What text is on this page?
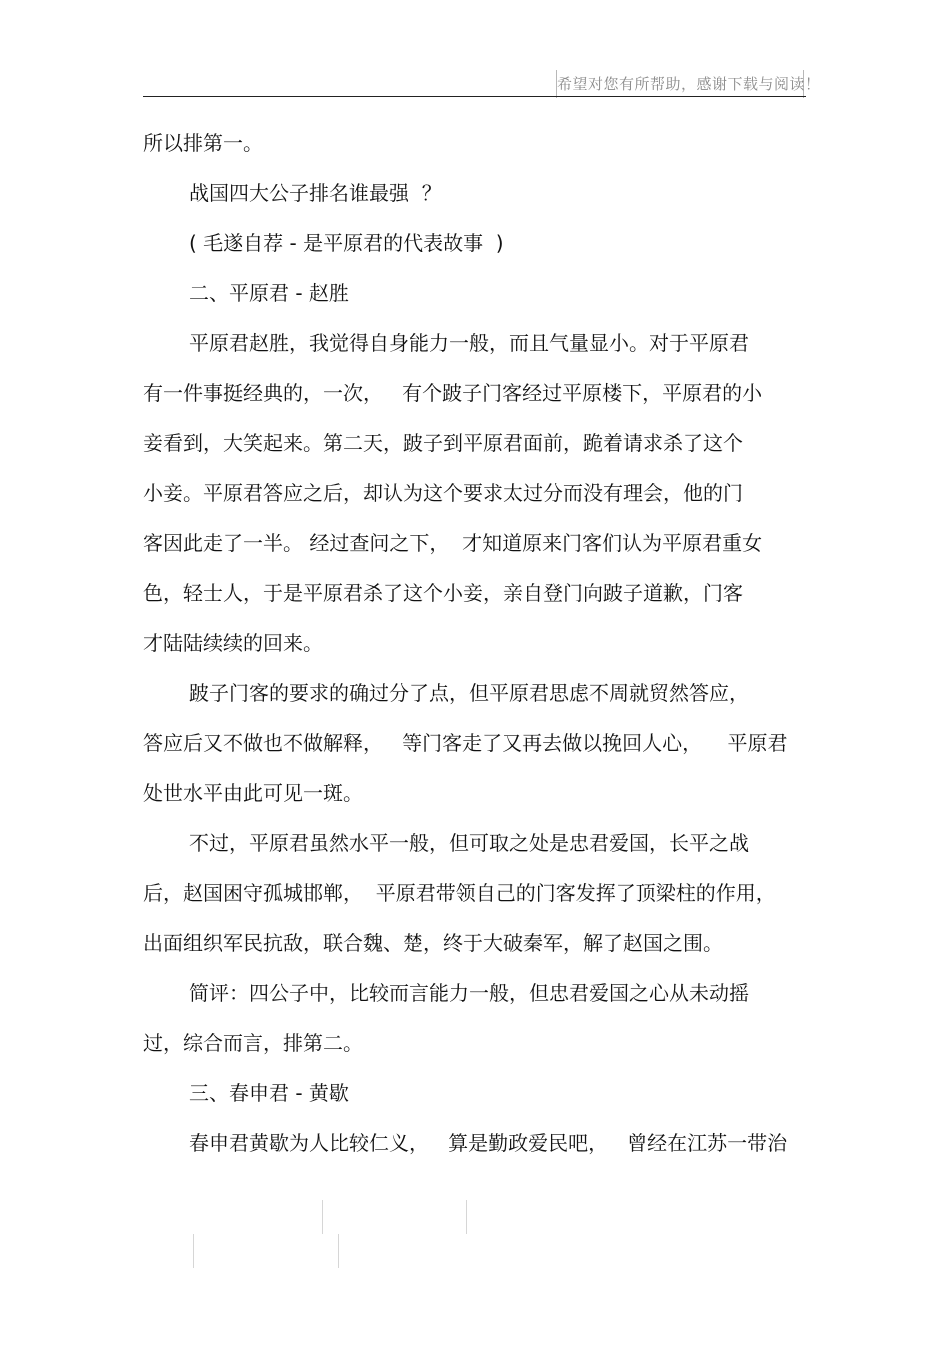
希望对您有所帮助，感谢下载与阅读！
所以排第一。
战国四大公子排名谁最强  ？
( 毛遂自荐 - 是平原君的代表故事  )
二、平原君 - 赵胜
平原君赵胜，我觉得自身能力一般，而且气量显小。对于平原君
有一件事挺经典的，一次，   有个跛子门客经过平原楼下，平原君的小
妾看到，大笑起来。第二天，跛子到平原君面前，跪着请求杀了这个
小妾。平原君答应之后，却认为这个要求太过分而没有理会，他的门
客因此走了一半。 经过查问之下，  才知道原来门客们认为平原君重女
色，轻士人，于是平原君杀了这个小妾，亲自登门向跛子道歉，门客
才陆陆续续的回来。
跛子门客的要求的确过分了点，但平原君思虑不周就贸然答应，
答应后又不做也不做解释，   等门客走了又再去做以挽回人心，    平原君
处世水平由此可见一斑。
不过，平原君虽然水平一般，但可取之处是忠君爱国，长平之战
后，赵国困守孤城邯郸，  平原君带领自己的门客发挥了顶梁柱的作用，
出面组织军民抗敌，联合魏、楚，终于大破秦军，解了赵国之围。
简评：四公子中，比较而言能力一般，但忠君爱国之心从未动摇
过，综合而言，排第二。
三、春申君 - 黄歇
春申君黄歇为人比较仁义，   算是勤政爱民吧，   曾经在江苏一带治
